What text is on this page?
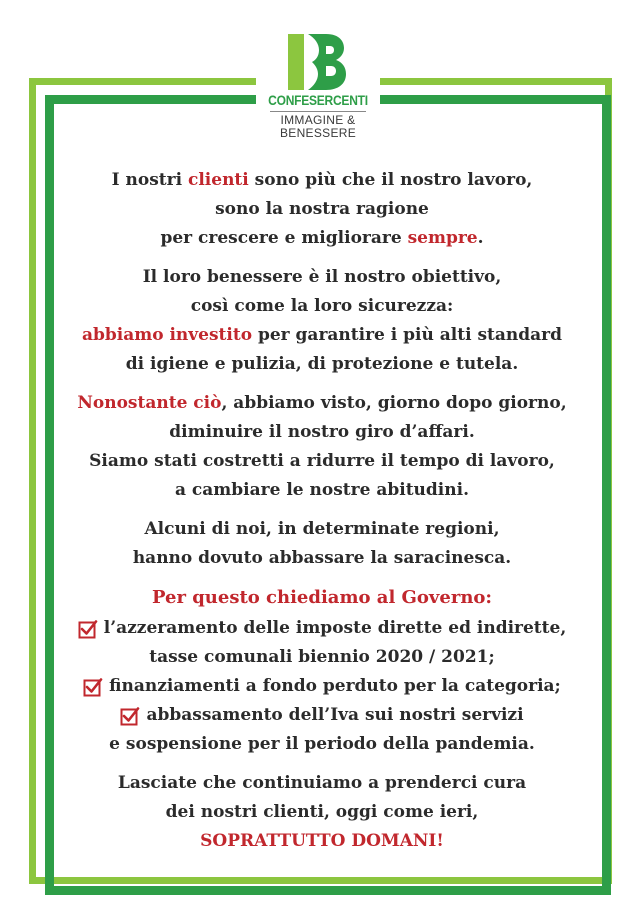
CONFESERCENTI
IMMAGINE &
BENESSERE
I nostri clienti sono più che il nostro lavoro,
sono la nostra ragione
per crescere e migliorare sempre.
Il loro benessere è il nostro obiettivo,
così come la loro sicurezza:
abbiamo investito per garantire i più alti standard
di igiene e pulizia, di protezione e tutela.
Nonostante ciò, abbiamo visto, giorno dopo giorno,
diminuire il nostro giro d’affari.
Siamo stati costretti a ridurre il tempo di lavoro,
a cambiare le nostre abitudini.
Alcuni di noi, in determinate regioni,
hanno dovuto abbassare la saracinesca.
Per questo chiediamo al Governo:
l’azzeramento delle imposte dirette ed indirette,
tasse comunali biennio 2020 / 2021;
finanziamenti a fondo perduto per la categoria;
abbassamento dell’Iva sui nostri servizi
e sospensione per il periodo della pandemia.
Lasciate che continuiamo a prenderci cura
dei nostri clienti, oggi come ieri,
SOPRATTUTTO DOMANI!
